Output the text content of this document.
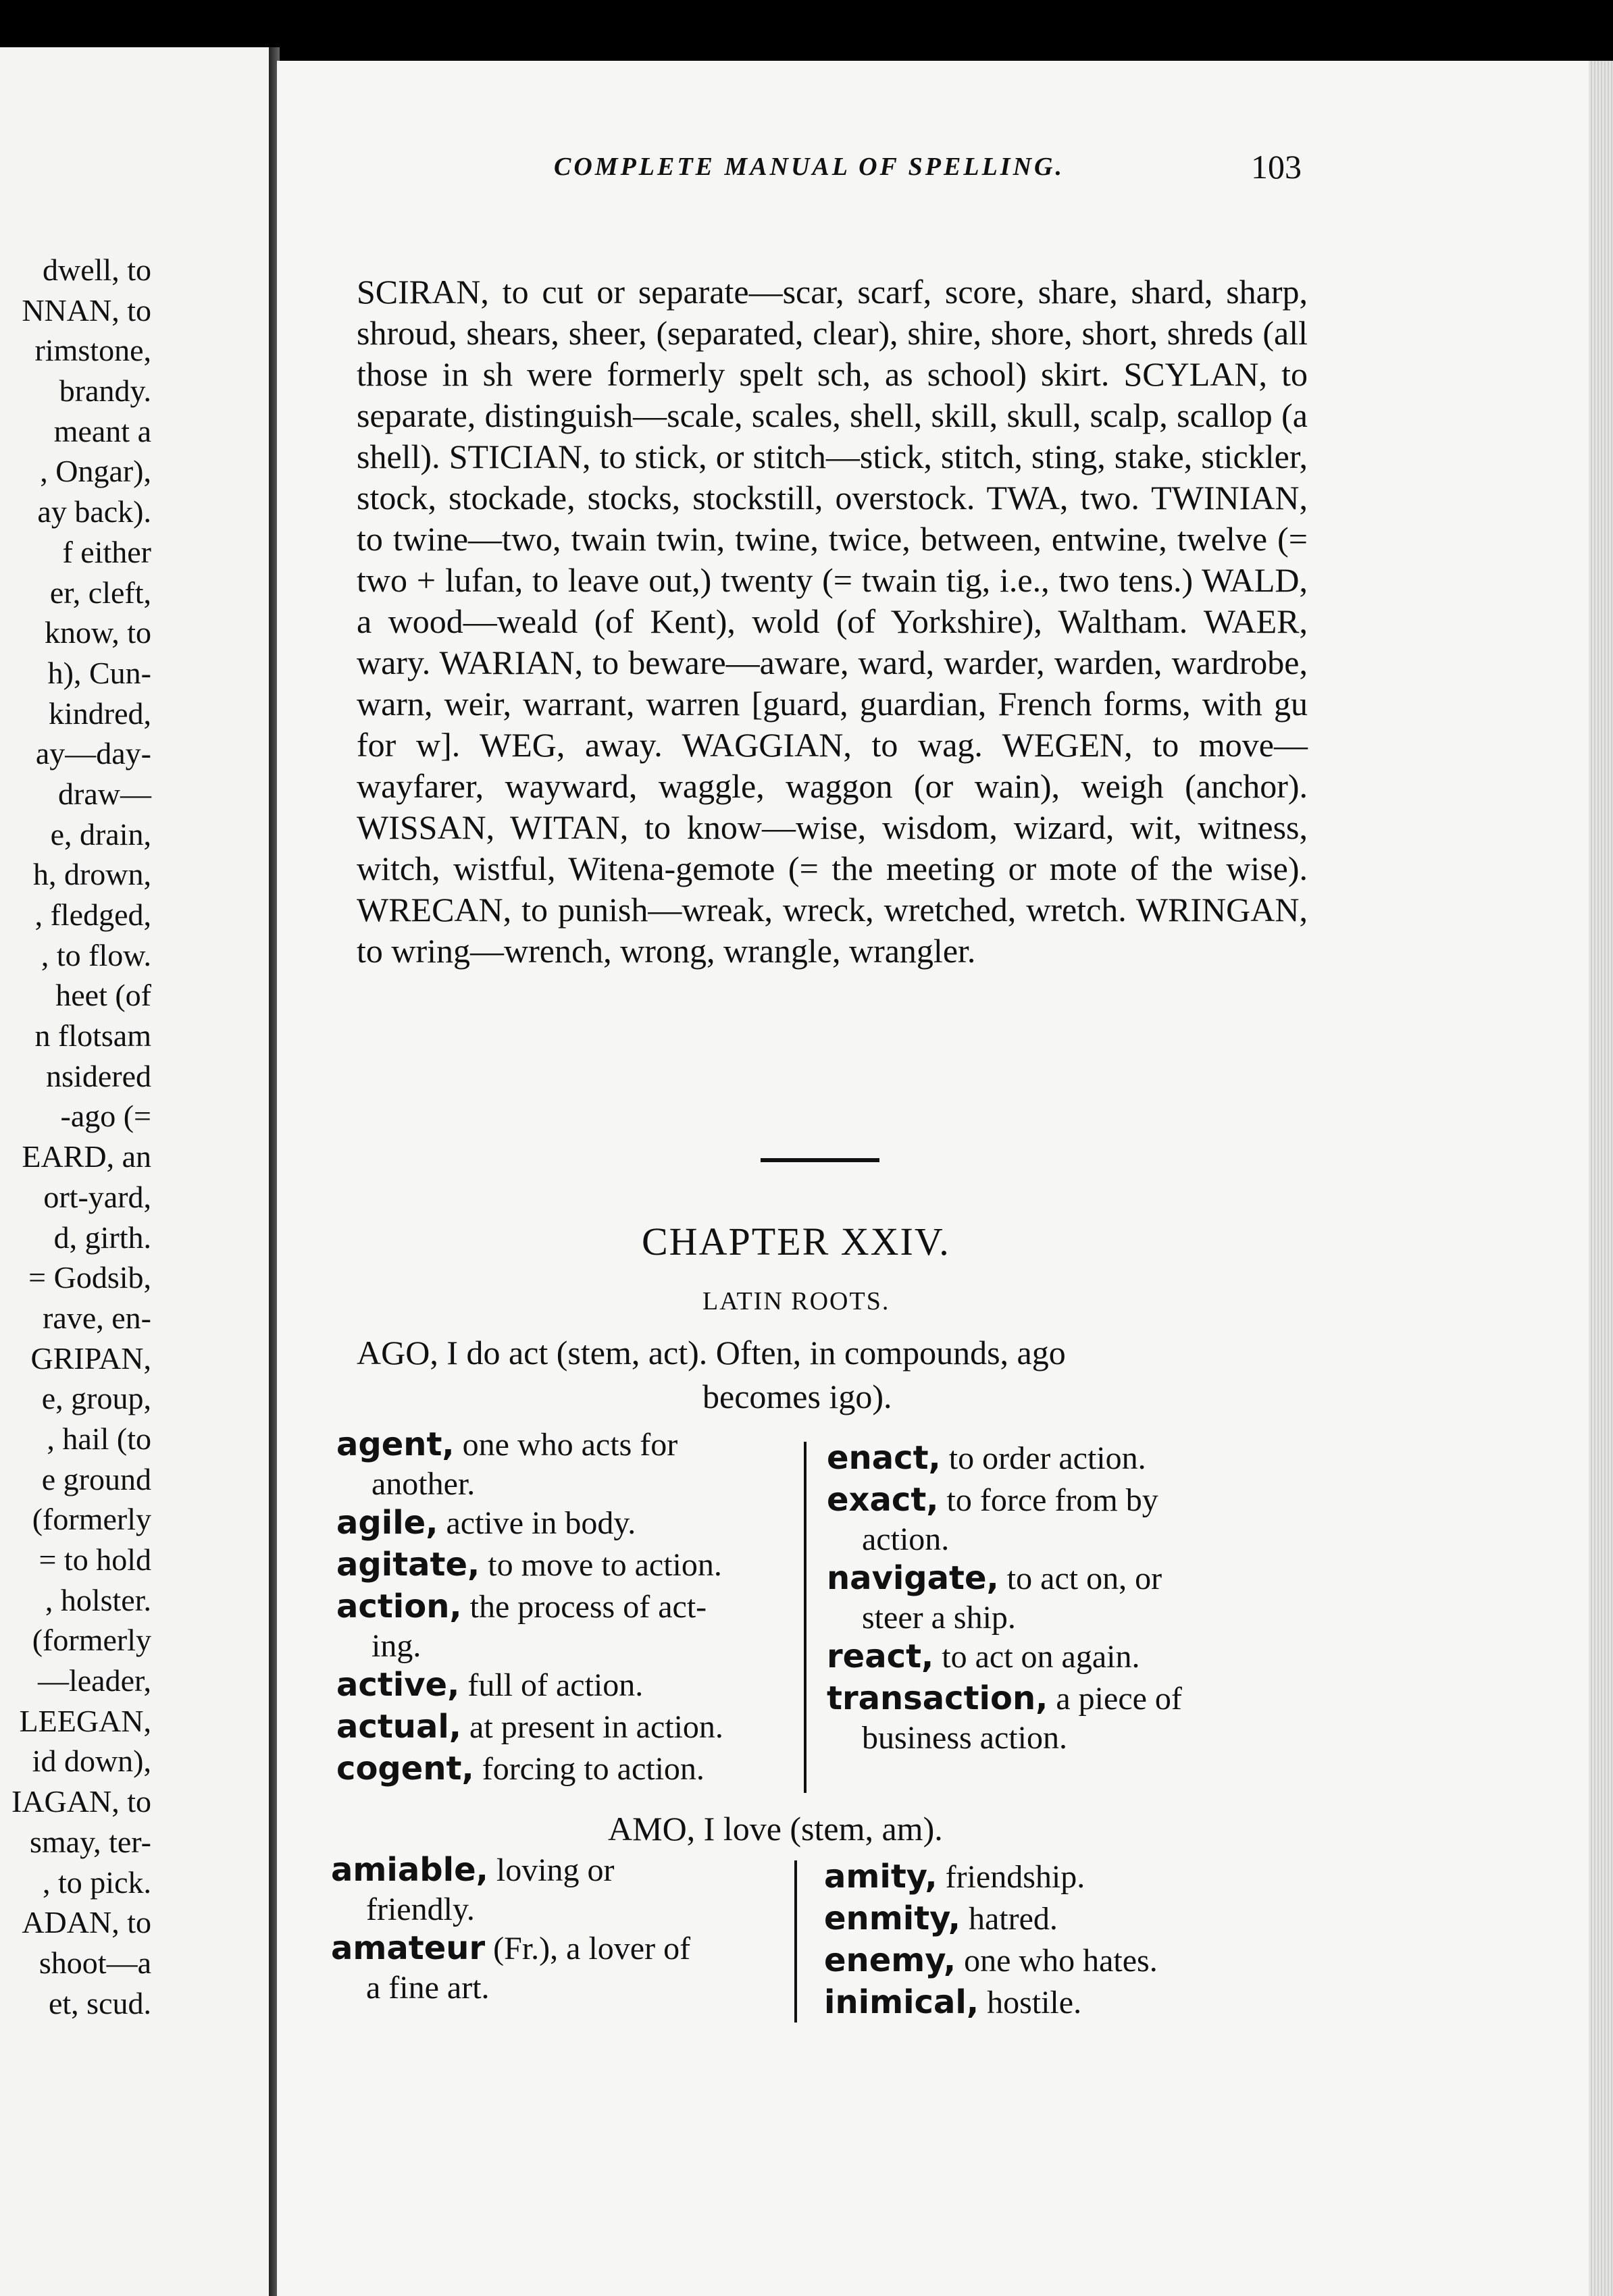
dwell, to
NNAN, to
rimstone,
brandy.
meant a
, Ongar),
ay back).
f either
er, cleft,
know, to
h), Cun-
kindred,
ay—day-
draw—
e, drain,
h, drown,
, fledged,
, to flow.
heet (of
n flotsam
nsidered
-ago (=
EARD, an
ort-yard,
d, girth.
= Godsib,
rave, en-
GRIPAN,
e, group,
, hail (to
e ground
(formerly
= to hold
, holster.
(formerly
—leader,
LEEGAN,
id down),
IAGAN, to
smay, ter-
, to pick.
ADAN, to
shoot—a
et, scud.
COMPLETE MANUAL OF SPELLING.	103
SCIRAN, to cut or separate—scar, scarf, score, share, shard, sharp, shroud, shears, sheer, (separated, clear), shire, shore, short, shreds (all those in sh were formerly spelt sch, as school) skirt. SCYLAN, to separate, distinguish—scale, scales, shell, skill, skull, scalp, scallop (a shell). STICIAN, to stick, or stitch—stick, stitch, sting, stake, stickler, stock, stockade, stocks, stockstill, overstock. TWA, two. TWINIAN, to twine—two, twain twin, twine, twice, between, entwine, twelve (= two + lufan, to leave out,) twenty (= twain tig, i.e., two tens.) WALD, a wood—weald (of Kent), wold (of Yorkshire), Waltham. WAER, wary. WARIAN, to beware—aware, ward, warder, warden, wardrobe, warn, weir, warrant, warren [guard, guardian, French forms, with gu for w]. WEG, away. WAGGIAN, to wag. WEGEN, to move—wayfarer, wayward, waggle, waggon (or wain), weigh (anchor). WISSAN, WITAN, to know—wise, wisdom, wizard, wit, witness, witch, wistful, Witena-gemote (= the meeting or mote of the wise). WRECAN, to punish—wreak, wreck, wretched, wretch. WRINGAN, to wring—wrench, wrong, wrangle, wrangler.
CHAPTER XXIV.
LATIN ROOTS.
AGO, I do act (stem, act). Often, in compounds, ago
becomes igo).
agent, one who acts for
another.
agile, active in body.
agitate, to move to action.
action, the process of act-
ing.
active, full of action.
actual, at present in action.
cogent, forcing to action.
enact, to order action.
exact, to force from by
action.
navigate, to act on, or
steer a ship.
react, to act on again.
transaction, a piece of
business action.
AMO, I love (stem, am).
amiable, loving or
friendly.
amateur (Fr.), a lover of
a fine art.
amity, friendship.
enmity, hatred.
enemy, one who hates.
inimical, hostile.
